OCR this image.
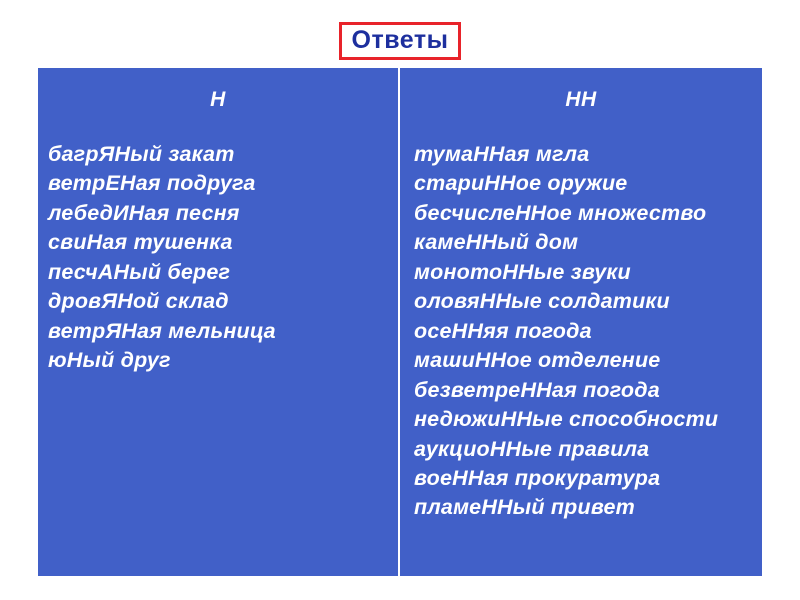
Ответы
Н
багрЯНый закат
ветрЕНая подруга
лебедИНая песня
свиНая тушенка
песчАНый берег
дровЯНой склад
ветрЯНая мельница
юНый друг
НН
тумаННая мгла
стариННое оружие
бесчислеННое множество
камеННый дом
монотоННые звуки
оловяННые солдатики
осеННяя погода
машиННое отделение
безветреННая погода
недюжиННые способности
аукциоННые правила
воеННая прокуратура
пламеННый привет
